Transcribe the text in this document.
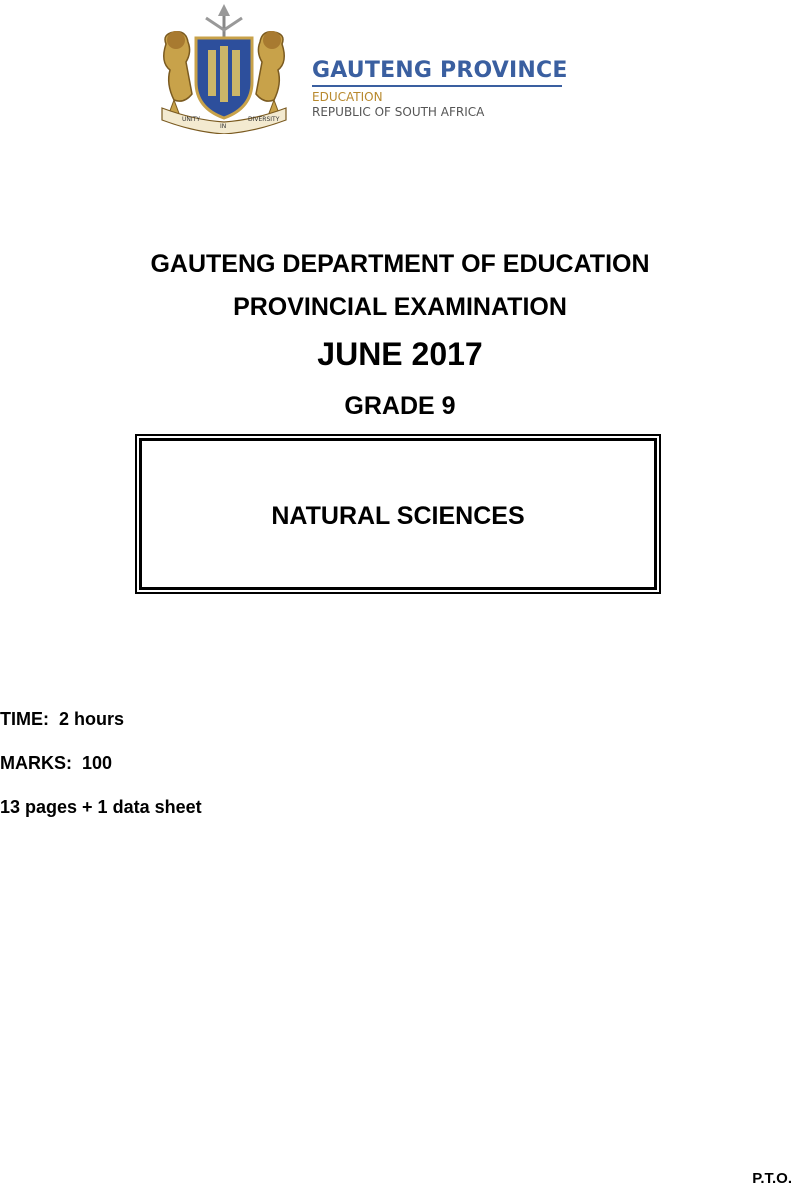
UNITY
IN
DIVERSITY
GAUTENG PROVINCE
EDUCATION
REPUBLIC OF SOUTH AFRICA
GAUTENG DEPARTMENT OF EDUCATION
PROVINCIAL EXAMINATION
JUNE 2017
GRADE 9
NATURAL SCIENCES
TIME:  2 hours
MARKS:  100
13 pages + 1 data sheet
P.T.O.
